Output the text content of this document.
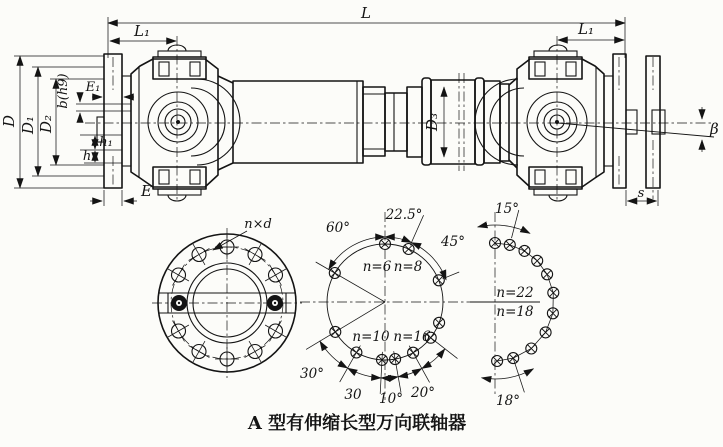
L
L₁	L₁
D D₁ D₂
b(h9) E₁
h₁
h
E
D₃
s
β
n×d	60°
22.5°
45°
n=6 n=8
n=10 n=16
30°
30 10° 20°
15°
n=22
n=18
18°
A 型有伸缩长型万向联轴器
